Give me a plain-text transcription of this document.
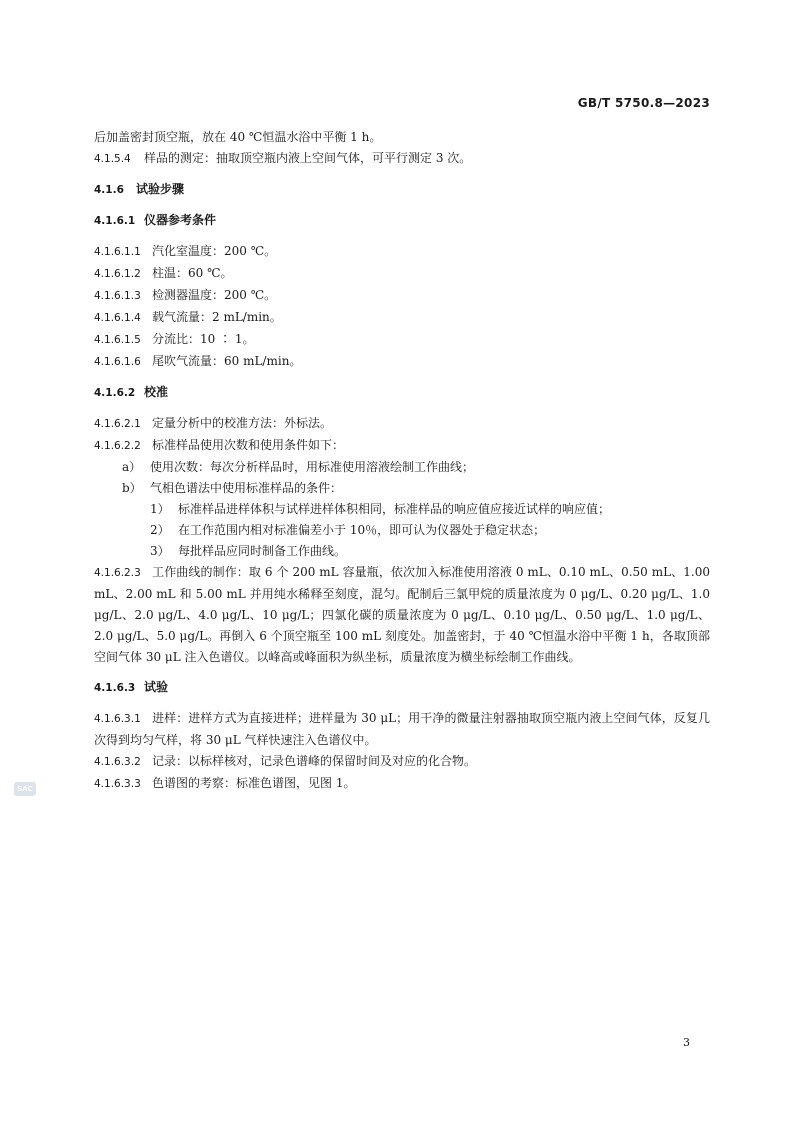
GB/T 5750.8—2023
后加盖密封顶空瓶，放在 40 ℃恒温水浴中平衡 1 h。
4.1.5.4 样品的测定：抽取顶空瓶内液上空间气体，可平行测定 3 次。
4.1.6 试验步骤
4.1.6.1 仪器参考条件
4.1.6.1.1 汽化室温度：200 ℃。
4.1.6.1.2 柱温：60 ℃。
4.1.6.1.3 检测器温度：200 ℃。
4.1.6.1.4 载气流量：2 mL/min。
4.1.6.1.5 分流比：10 ∶ 1。
4.1.6.1.6 尾吹气流量：60 mL/min。
4.1.6.2 校准
4.1.6.2.1 定量分析中的校准方法：外标法。
4.1.6.2.2 标准样品使用次数和使用条件如下：
a） 使用次数：每次分析样品时，用标准使用溶液绘制工作曲线；
b） 气相色谱法中使用标准样品的条件：
1） 标准样品进样体积与试样进样体积相同，标准样品的响应值应接近试样的响应值；
2） 在工作范围内相对标准偏差小于 10％，即可认为仪器处于稳定状态；
3） 每批样品应同时制备工作曲线。
4.1.6.2.3 工作曲线的制作：取 6 个 200 mL 容量瓶，依次加入标准使用溶液 0 mL、0.10 mL、0.50 mL、1.00 mL、2.00 mL 和 5.00 mL 并用纯水稀释至刻度，混匀。配制后三氯甲烷的质量浓度为 0 μg/L、0.20 μg/L、1.0 μg/L、2.0 μg/L、4.0 μg/L、10 μg/L；四氯化碳的质量浓度为 0 μg/L、0.10 μg/L、0.50 μg/L、1.0 μg/L、2.0 μg/L、5.0 μg/L。再倒入 6 个顶空瓶至 100 mL 刻度处。加盖密封，于 40 ℃恒温水浴中平衡 1 h，各取顶部空间气体 30 μL 注入色谱仪。以峰高或峰面积为纵坐标，质量浓度为横坐标绘制工作曲线。
4.1.6.3 试验
4.1.6.3.1 进样：进样方式为直接进样；进样量为 30 μL；用干净的微量注射器抽取顶空瓶内液上空间气体，反复几次得到均匀气样，将 30 μL 气样快速注入色谱仪中。
4.1.6.3.2 记录：以标样核对，记录色谱峰的保留时间及对应的化合物。
4.1.6.3.3 色谱图的考察：标准色谱图，见图 1。
SAC
3
